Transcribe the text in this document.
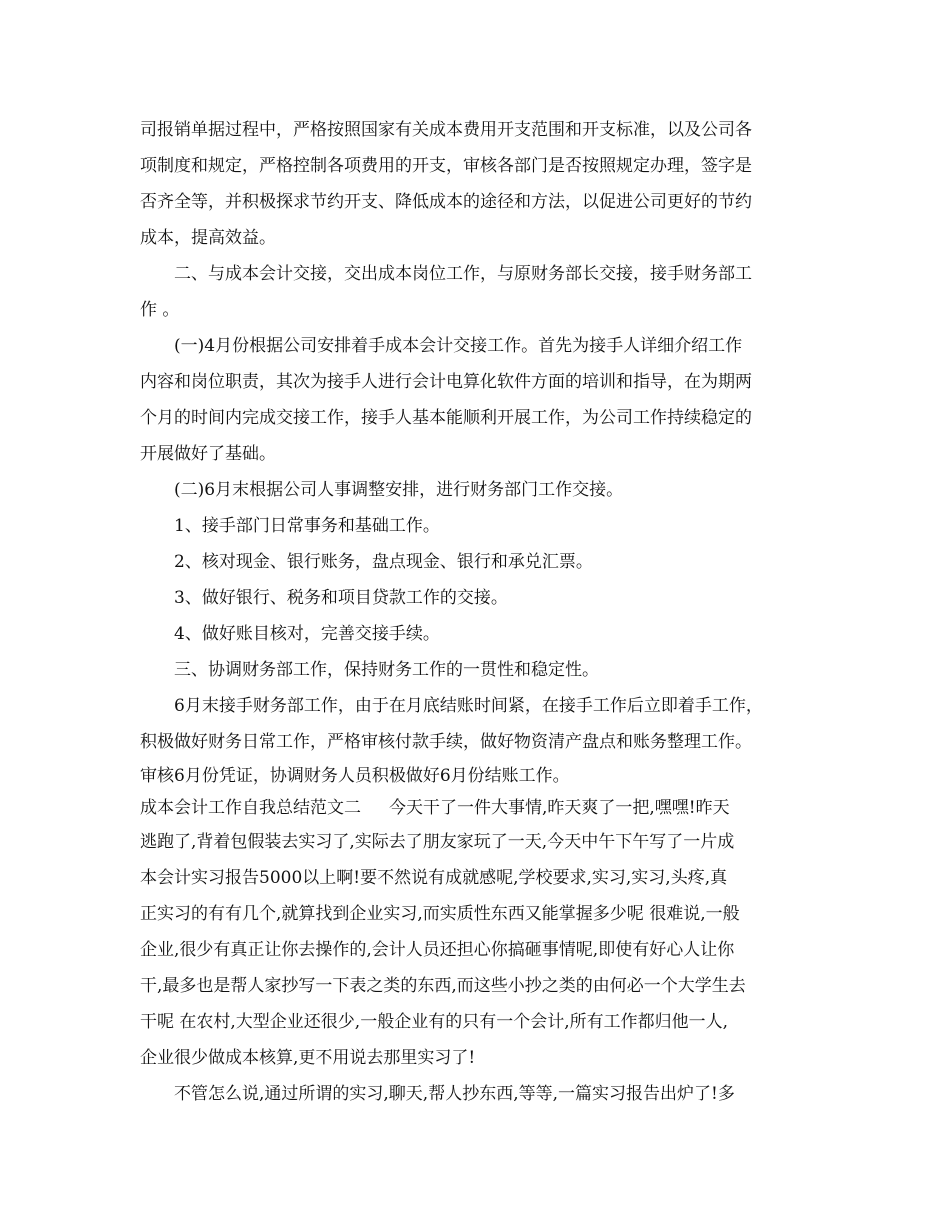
司报销单据过程中，严格按照国家有关成本费用开支范围和开支标准，以及公司各
项制度和规定，严格控制各项费用的开支，审核各部门是否按照规定办理，签字是
否齐全等，并积极探求节约开支、降低成本的途径和方法，以促进公司更好的节约
成本，提高效益。
二、与成本会计交接，交出成本岗位工作，与原财务部长交接，接手财务部工
作 。
(一)4月份根据公司安排着手成本会计交接工作。首先为接手人详细介绍工作
内容和岗位职责，其次为接手人进行会计电算化软件方面的培训和指导，在为期两
个月的时间内完成交接工作，接手人基本能顺利开展工作，为公司工作持续稳定的
开展做好了基础。
(二)6月末根据公司人事调整安排，进行财务部门工作交接。
1、接手部门日常事务和基础工作。
2、核对现金、银行账务，盘点现金、银行和承兑汇票。
3、做好银行、税务和项目贷款工作的交接。
4、做好账目核对，完善交接手续。
三、协调财务部工作，保持财务工作的一贯性和稳定性。
6月末接手财务部工作，由于在月底结账时间紧，在接手工作后立即着手工作，
积极做好财务日常工作，严格审核付款手续，做好物资清产盘点和账务整理工作。
审核6月份凭证，协调财务人员积极做好6月份结账工作。
成本会计工作自我总结范文二 今天干了一件大事情,昨天爽了一把,嘿嘿!昨天
逃跑了,背着包假装去实习了,实际去了朋友家玩了一天,今天中午下午写了一片成
本会计实习报告5000以上啊!要不然说有成就感呢,学校要求,实习,实习,头疼,真
正实习的有有几个,就算找到企业实习,而实质性东西又能掌握多少呢 很难说,一般
企业,很少有真正让你去操作的,会计人员还担心你搞砸事情呢,即使有好心人让你
干,最多也是帮人家抄写一下表之类的东西,而这些小抄之类的由何必一个大学生去
干呢 在农村,大型企业还很少,一般企业有的只有一个会计,所有工作都归他一人,
企业很少做成本核算,更不用说去那里实习了!
不管怎么说,通过所谓的实习,聊天,帮人抄东西,等等,一篇实习报告出炉了!多
